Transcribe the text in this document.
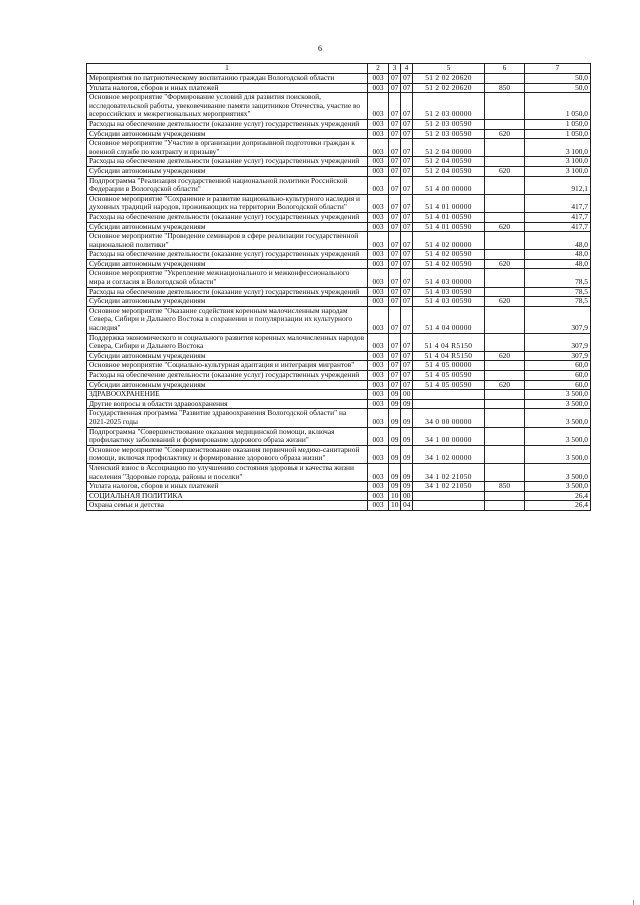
6
1	2	3	4	5	6	7
Мероприятия по патриотическому воспитанию граждан Вологодской области	003	07	07	51 2 02 20620		50,0
Уплата налогов, сборов и иных платежей	003	07	07	51 2 02 20620	850	50,0
Основное мероприятие "Формирование условий для развития поисковой, исследовательской работы, увековечивание памяти защитников Отечества, участие во всероссийских и межрегиональных мероприятиях"	003	07	07	51 2 03 00000		1 050,0
Расходы на обеспечение деятельности (оказание услуг) государственных учреждений	003	07	07	51 2 03 00590		1 050,0
Субсидии автономным учреждениям	003	07	07	51 2 03 00590	620	1 050,0
Основное мероприятие "Участие в организации допризывной подготовки граждан к военной службе по контракту и призыву"	003	07	07	51 2 04 00000		3 100,0
Расходы на обеспечение деятельности (оказание услуг) государственных учреждений	003	07	07	51 2 04 00590		3 100,0
Субсидии автономным учреждениям	003	07	07	51 2 04 00590	620	3 100,0
Подпрограмма "Реализация государственной национальной политики Российской Федерации в Вологодской области"	003	07	07	51 4 00 00000		912,1
Основное мероприятие "Сохранение и развитие национально-культурного наследия и духовных традиций народов, проживающих на территории Вологодской области"	003	07	07	51 4 01 00000		417,7
Расходы на обеспечение деятельности (оказание услуг) государственных учреждений	003	07	07	51 4 01 00590		417,7
Субсидии автономным учреждениям	003	07	07	51 4 01 00590	620	417,7
Основное мероприятие "Проведение семинаров в сфере реализации государственной национальной политики"	003	07	07	51 4 02 00000		48,0
Расходы на обеспечение деятельности (оказание услуг) государственных учреждений	003	07	07	51 4 02 00590		48,0
Субсидии автономным учреждениям	003	07	07	51 4 02 00590	620	48,0
Основное мероприятие "Укрепление межнационального и межконфессионального мира и согласия в Вологодской области"	003	07	07	51 4 03 00000		78,5
Расходы на обеспечение деятельности (оказание услуг) государственных учреждений	003	07	07	51 4 03 00590		78,5
Субсидии автономным учреждениям	003	07	07	51 4 03 00590	620	78,5
Основное мероприятие "Оказание содействия коренным малочисленным народам Севера, Сибири и Дальнего Востока в сохранении и популяризации их культурного наследия"	003	07	07	51 4 04 00000		307,9
Поддержка экономического и социального развития коренных малочисленных народов Севера, Сибири и Дальнего Востока	003	07	07	51 4 04 R5150		307,9
Субсидии автономным учреждениям	003	07	07	51 4 04 R5150	620	307,9
Основное мероприятие "Социально-культурная адаптация и интеграция мигрантов"	003	07	07	51 4 05 00000		60,0
Расходы на обеспечение деятельности (оказание услуг) государственных учреждений	003	07	07	51 4 05 00590		60,0
Субсидии автономным учреждениям	003	07	07	51 4 05 00590	620	60,0
ЗДРАВООХРАНЕНИЕ	003	09	00			3 500,0
Другие вопросы в области здравоохранения	003	09	09			3 500,0
Государственная программа "Развитие здравоохранения Вологодской области" на 2021-2025 годы	003	09	09	34 0 00 00000		3 500,0
Подпрограмма "Совершенствование оказания медицинской помощи, включая профилактику заболеваний и формирование здорового образа жизни"	003	09	09	34 1 00 00000		3 500,0
Основное мероприятие "Совершенствование оказания первичной медико-санитарной помощи, включая профилактику и формирование здорового образа жизни"	003	09	09	34 1 02 00000		3 500,0
Членский взнос в Ассоциацию по улучшению состояния здоровья и качества жизни населения "Здоровые города, районы и поселки"	003	09	09	34 1 02 21050		3 500,0
Уплата налогов, сборов и иных платежей	003	09	09	34 1 02 21050	850	3 500,0
СОЦИАЛЬНАЯ ПОЛИТИКА	003	10	00			26,4
Охрана семьи и детства	003	10	04			26,4
